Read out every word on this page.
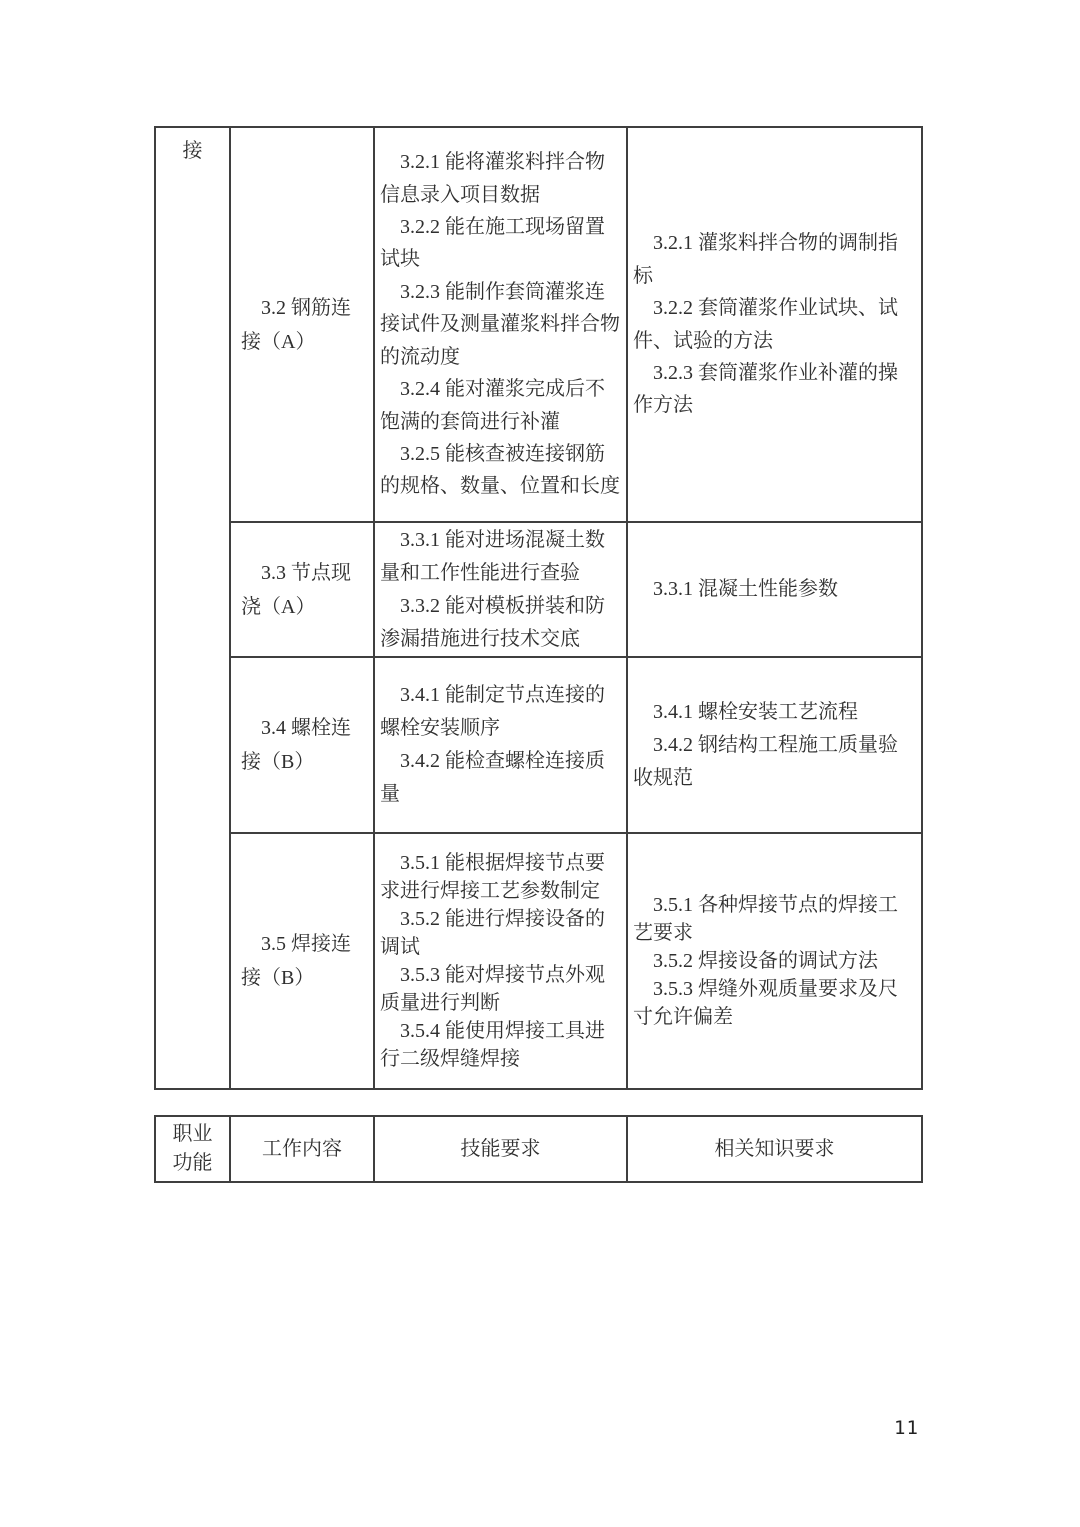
接

3.2 钢筋连接（A）

3.2.1 能将灌浆料拌合物信息录入项目数据

3.2.2 能在施工现场留置试块

3.2.3 能制作套筒灌浆连接试件及测量灌浆料拌合物的流动度

3.2.4 能对灌浆完成后不饱满的套筒进行补灌

3.2.5 能核查被连接钢筋的规格、数量、位置和长度

3.2.1 灌浆料拌合物的调制指标

3.2.2 套筒灌浆作业试块、试件、试验的方法

3.2.3 套筒灌浆作业补灌的操作方法

3.3 节点现浇（A）

3.3.1 能对进场混凝土数量和工作性能进行查验

3.3.2 能对模板拼装和防渗漏措施进行技术交底

3.3.1 混凝土性能参数

3.4 螺栓连接（B）

3.4.1 能制定节点连接的螺栓安装顺序

3.4.2 能检查螺栓连接质量

3.4.1 螺栓安装工艺流程

3.4.2 钢结构工程施工质量验收规范

3.5 焊接连接（B）

3.5.1 能根据焊接节点要求进行焊接工艺参数制定

3.5.2 能进行焊接设备的调试

3.5.3 能对焊接节点外观质量进行判断

3.5.4 能使用焊接工具进行二级焊缝焊接

3.5.1 各种焊接节点的焊接工艺要求

3.5.2 焊接设备的调试方法

3.5.3 焊缝外观质量要求及尺寸允许偏差

职业功能
工作内容	技能要求	相关知识要求
11
